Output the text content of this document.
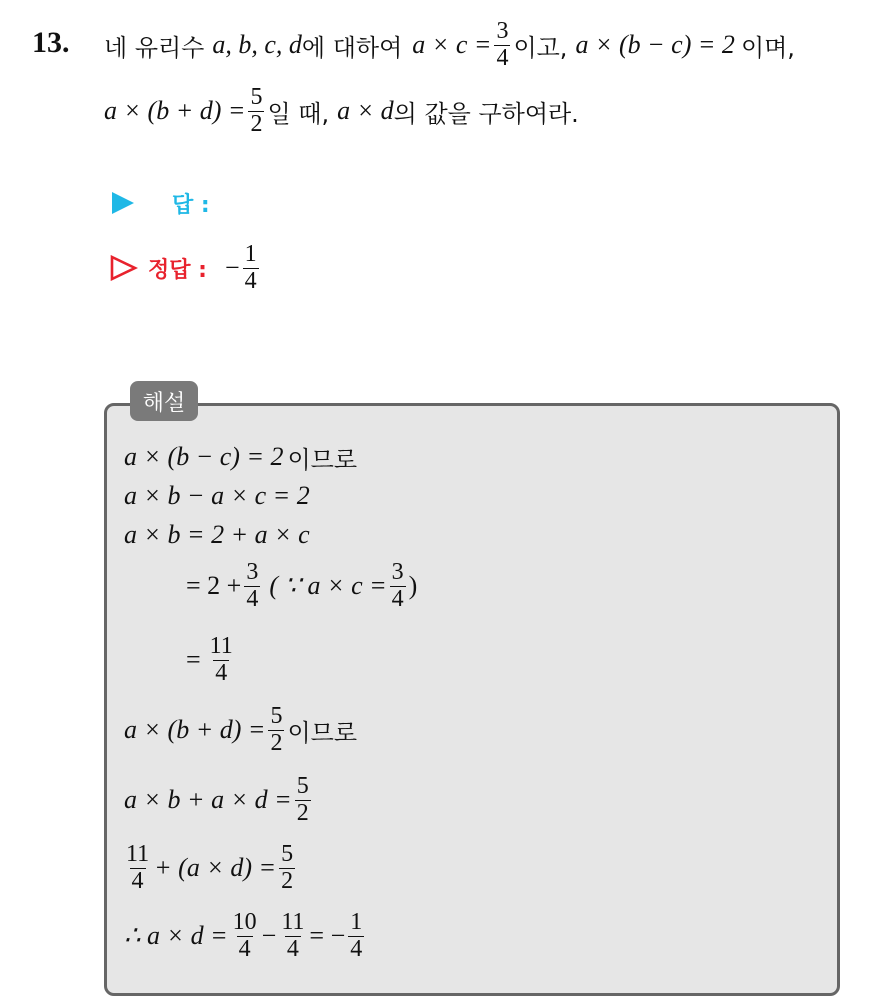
13. 네 유리수 a, b, c, d 에 대하여 $a \times c = \frac{3}{4}$ 이고, a × (b − c) = 2 이며,
$a \times (b + d) = \frac{5}{2}$ 일 때, a × d 의 값을 구하여라.
답 :
정답 : − $\frac{1}{4}$
해설
a × (b − c) = 2 이므로
a × b − a × c = 2
a × b = 2 + a × c
= $2 + \frac{3}{4}$ ( ∵ $a \times c = \frac{3}{4}$ )
= $\frac{11}{4}$
$a \times (b + d) = \frac{5}{2}$ 이므로
$a \times b + a \times d = \frac{5}{2}$
$\frac{11}{4} + (a \times d) = \frac{5}{2}$
∴ $a \times d = \frac{10}{4} - \frac{11}{4}$ = − $\frac{1}{4}$
